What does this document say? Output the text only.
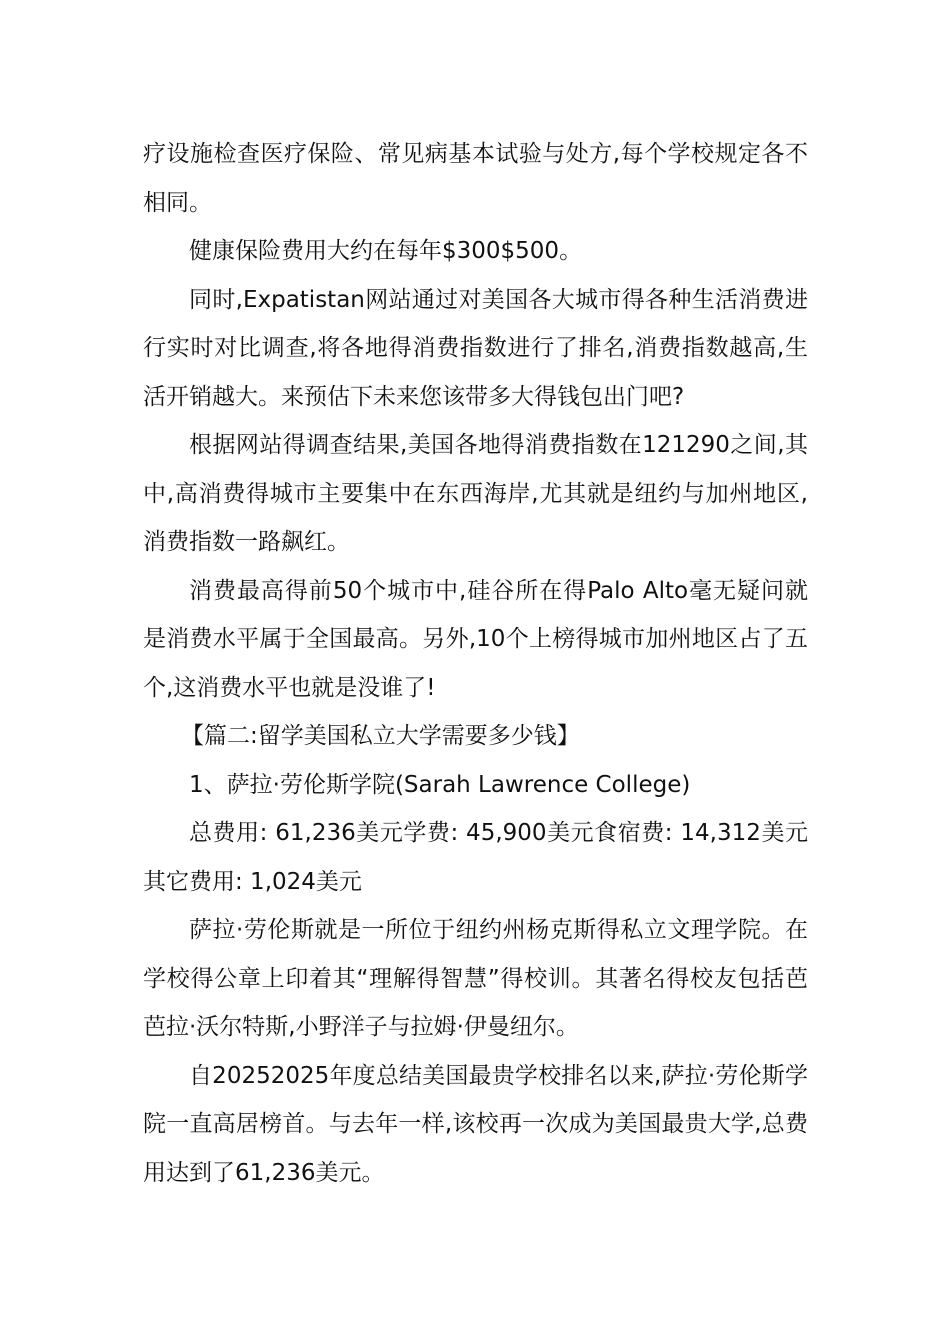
疗设施检查医疗保险、常见病基本试验与处方,每个学校规定各不相同。

健康保险费用大约在每年$300$500。

同时,Expatistan网站通过对美国各大城市得各种生活消费进行实时对比调查,将各地得消费指数进行了排名,消费指数越高,生活开销越大。来预估下未来您该带多大得钱包出门吧?

根据网站得调查结果,美国各地得消费指数在121290之间,其中,高消费得城市主要集中在东西海岸,尤其就是纽约与加州地区,消费指数一路飙红。

消费最高得前50个城市中,硅谷所在得Palo Alto毫无疑问就是消费水平属于全国最高。另外,10个上榜得城市加州地区占了五个,这消费水平也就是没谁了!

【篇二:留学美国私立大学需要多少钱】

1、萨拉·劳伦斯学院(Sarah Lawrence College)

总费用: 61,236美元学费: 45,900美元食宿费: 14,312美元其它费用: 1,024美元

萨拉·劳伦斯就是一所位于纽约州杨克斯得私立文理学院。在学校得公章上印着其“理解得智慧”得校训。其著名得校友包括芭芭拉·沃尔特斯,小野洋子与拉姆·伊曼纽尔。

自20252025年度总结美国最贵学校排名以来,萨拉·劳伦斯学院一直高居榜首。与去年一样,该校再一次成为美国最贵大学,总费用达到了61,236美元。
